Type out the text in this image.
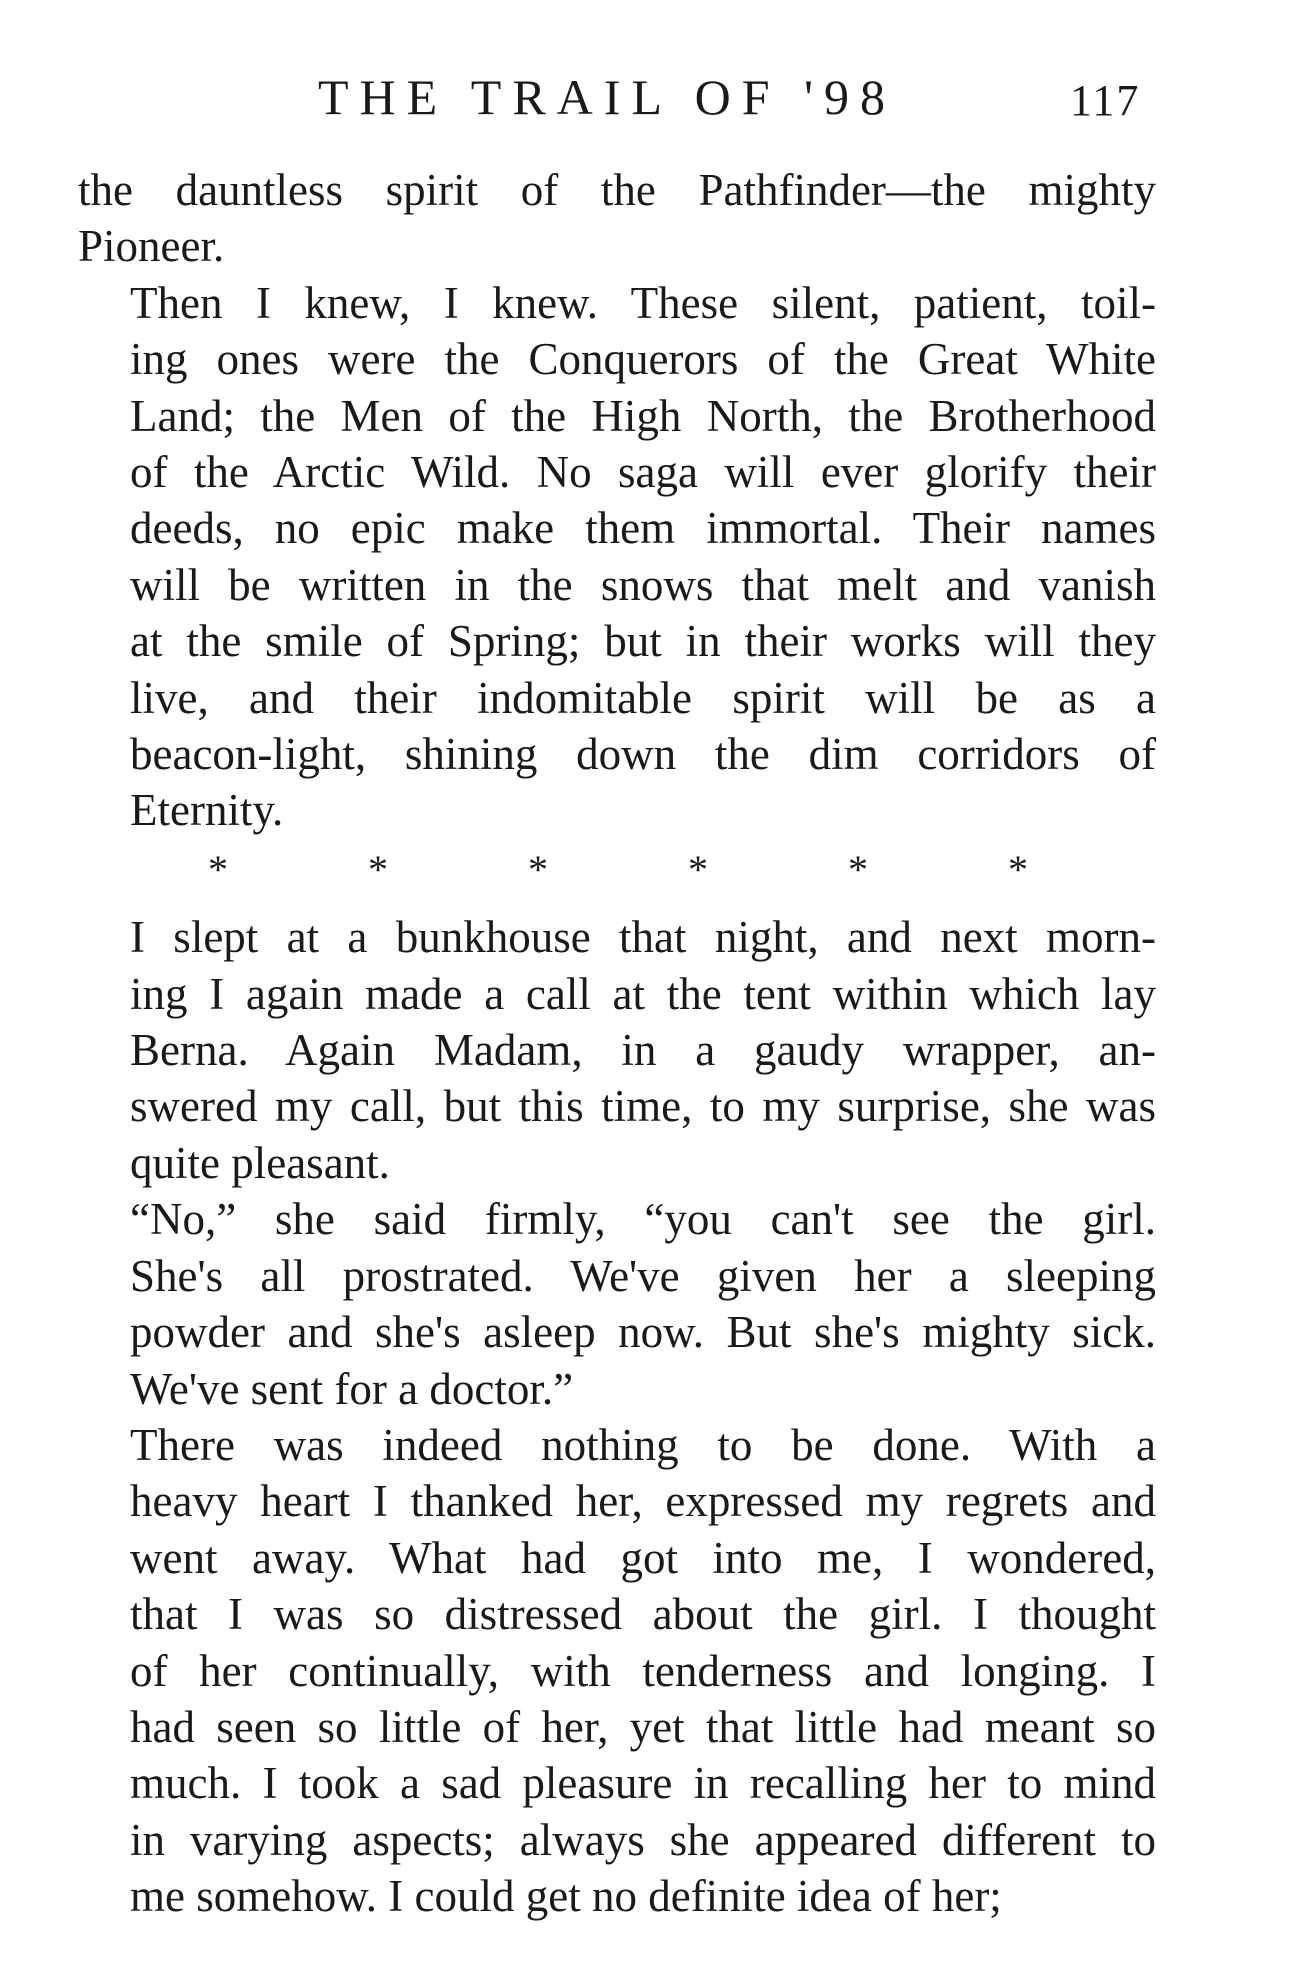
THE TRAIL OF '98	117
the dauntless spirit of the Pathfinder—the mighty
Pioneer.
Then I knew, I knew. These silent, patient, toil-
ing ones were the Conquerors of the Great White
Land; the Men of the High North, the Brotherhood
of the Arctic Wild. No saga will ever glorify their
deeds, no epic make them immortal. Their names
will be written in the snows that melt and vanish
at the smile of Spring; but in their works will they
live, and their indomitable spirit will be as a
beacon-light, shining down the dim corridors of
Eternity.
*	*	*	*	*	*
I slept at a bunkhouse that night, and next morn-
ing I again made a call at the tent within which lay
Berna. Again Madam, in a gaudy wrapper, an-
swered my call, but this time, to my surprise, she was
quite pleasant.
“No,” she said firmly, “you can't see the girl.
She's all prostrated. We've given her a sleeping
powder and she's asleep now. But she's mighty sick.
We've sent for a doctor.”
There was indeed nothing to be done. With a
heavy heart I thanked her, expressed my regrets and
went away. What had got into me, I wondered,
that I was so distressed about the girl. I thought
of her continually, with tenderness and longing. I
had seen so little of her, yet that little had meant so
much. I took a sad pleasure in recalling her to mind
in varying aspects; always she appeared different to
me somehow. I could get no definite idea of her;
